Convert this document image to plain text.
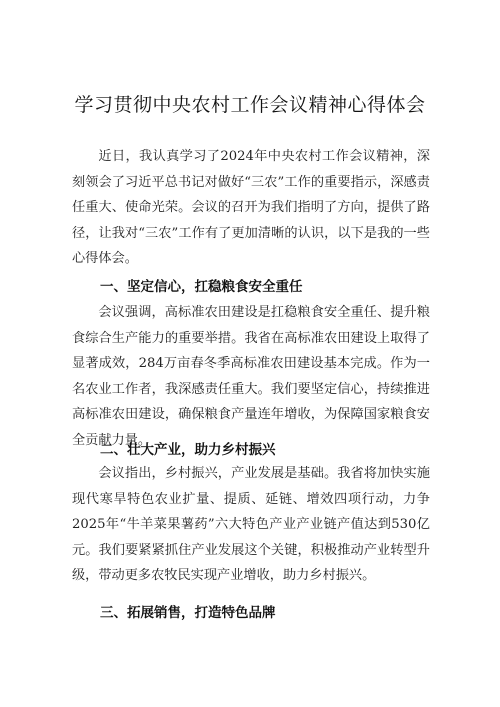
学习贯彻中央农村工作会议精神心得体会

近日，我认真学习了2024年中央农村工作会议精神，深刻领会了习近平总书记对做好“三农”工作的重要指示，深感责任重大、使命光荣。会议的召开为我们指明了方向，提供了路径，让我对“三农”工作有了更加清晰的认识，以下是我的一些心得体会。

一、坚定信心，扛稳粮食安全重任

会议强调，高标准农田建设是扛稳粮食安全重任、提升粮食综合生产能力的重要举措。我省在高标准农田建设上取得了显著成效，284万亩春冬季高标准农田建设基本完成。作为一名农业工作者，我深感责任重大。我们要坚定信心，持续推进高标准农田建设，确保粮食产量连年增收，为保障国家粮食安全贡献力量。

二、壮大产业，助力乡村振兴

会议指出，乡村振兴，产业发展是基础。我省将加快实施现代寒旱特色农业扩量、提质、延链、增效四项行动，力争2025年“牛羊菜果薯药”六大特色产业产业链产值达到530亿元。我们要紧紧抓住产业发展这个关键，积极推动产业转型升级，带动更多农牧民实现产业增收，助力乡村振兴。

三、拓展销售，打造特色品牌
